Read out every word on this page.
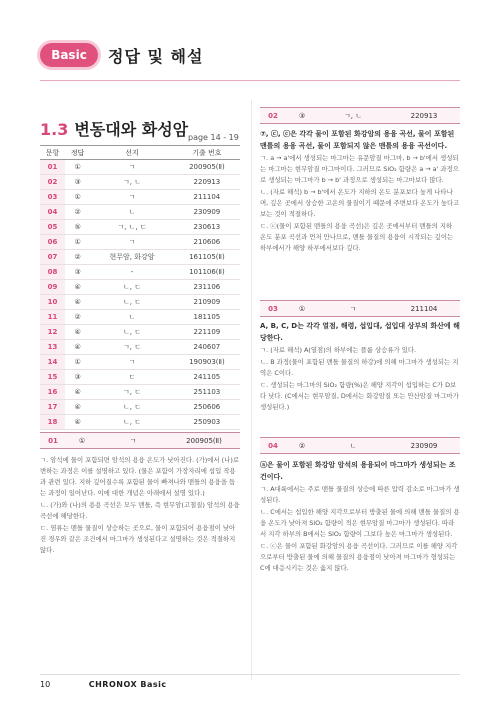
Basic	정답 및 해설
1.3 변동대와 화성암 page 14 - 19
문항	정답	선지	기출 번호
01	①	ㄱ	200905(Ⅱ)
02	③	ㄱ, ㄴ	220913
03	①	ㄱ	211104
04	②	ㄴ	230909
05	⑤	ㄱ, ㄴ, ㄷ	230613
06	①	ㄱ	210606
07	②	현무암, 화강암	161105(Ⅱ)
08	③	-	101106(Ⅱ)
09	④	ㄴ, ㄷ	231106
10	④	ㄴ, ㄷ	210909
11	②	ㄴ	181105
12	④	ㄴ, ㄷ	221109
13	④	ㄱ, ㄷ	240607
14	①	ㄱ	190903(Ⅱ)
15	③	ㄷ	241105
16	④	ㄱ, ㄷ	251103
17	④	ㄴ, ㄷ	250606
18	④	ㄴ, ㄷ	250903
01	①	ㄱ	200905(Ⅱ)

ㄱ. 암석에 물이 포함되면 암석의 용융 온도가 낮아진다. (가)에서 (나)로 변하는 과정은 이를 설명하고 있다. (물은 포함이 가장자리에 섭입 작용과 관련 있다. 지하 깊어질수록 포함된 물이 빠져나와 맨틀의 용융을 돕는 과정이 일어난다. 이에 대한 개념은 아래에서 설명 있다.)

ㄴ. (가)와 (나)의 용용 곡선은 모두 맨틀, 즉 현무암(고철질) 암석의 용융 곡선에 해당한다.

ㄷ. 염류는 맨틀 물질이 상승하는 곳으로, 물이 포함되어 용융점이 낮아진 경우와 같은 조건에서 마그마가 생성된다고 설명하는 것은 적절하지 않다.

02	③	ㄱ, ㄴ	220913

⑦, ⓒ, ⓒ은 각각 물이 포함된 화강암의 용융 곡선, 물이 포함된 맨틀의 용융 곡선, 물이 포함되지 않은 맨틀의 용융 곡선이다.

ㄱ. a → a'에서 생성되는 마그마는 유문암질 마그마, b → b'에서 생성되는 마그마는 현무암질 마그마이다. 그러므로 SiO₂ 함량은 a → a' 과정으로 생성되는 마그마가 b → b' 과정으로 생성되는 마그마보다 많다.

ㄴ. (자료 해석) b → b'에서 온도가 지하의 온도 분포보다 높게 나타나며, 깊은 곳에서 상승한 고온의 물질이기 때문에 주변보다 온도가 높다고 보는 것이 적절하다.

ㄷ. ⓒ(물이 포함된 맨틀의 용융 곡선)은 깊은 곳에서부터 맨틀의 지하 온도 분포 곡선과 먼저 만나므로, 맨틀 물질의 용융이 시작되는 깊이는 하부에서가 해양 하부에서보다 깊다.

03	①	ㄱ	211104

A, B, C, D는 각각 열점, 해령, 섭입대, 섭입대 상부의 화산에 해당한다.

ㄱ. (자료 해석) A(열점)의 하부에는 플룸 상승류가 있다.

ㄴ. B 과정(물이 포함된 맨틀 물질의 하강)에 의해 마그마가 생성되는 지역은 C이다.

ㄷ. 생성되는 마그마의 SiO₂ 함량(%)은 해양 지각이 섭입하는 C가 D보다 낮다. (C에서는 현무암질, D에서는 화강암질 또는 안산암질 마그마가 생성된다.)

04	②	ㄴ	230909

ⓐ은 물이 포함된 화강암 암석의 용융되어 마그마가 생성되는 조건이다.

ㄱ. A대륙에서는 주로 맨틀 물질의 상승에 따른 압력 감소로 마그마가 생성된다.

ㄴ. C에서는 섭입한 해양 지각으로부터 방출된 물에 의해 맨틀 물질의 용융 온도가 낮아져 SiO₂ 함량이 적은 현무암질 마그마가 생성된다. 따라서 지각 하부의 B에서는 SiO₂ 함량이 그보다 높은 마그마가 생성된다.

ㄷ. ⓒ은 물이 포함된 화강암의 용융 곡선이다. 그러므로 이를 해양 지각으로부터 방출된 물에 의해 물질의 용융점이 낮아져 마그마가 형성되는 C에 대응시키는 것은 옳지 않다.

10	CHRONOX Basic
